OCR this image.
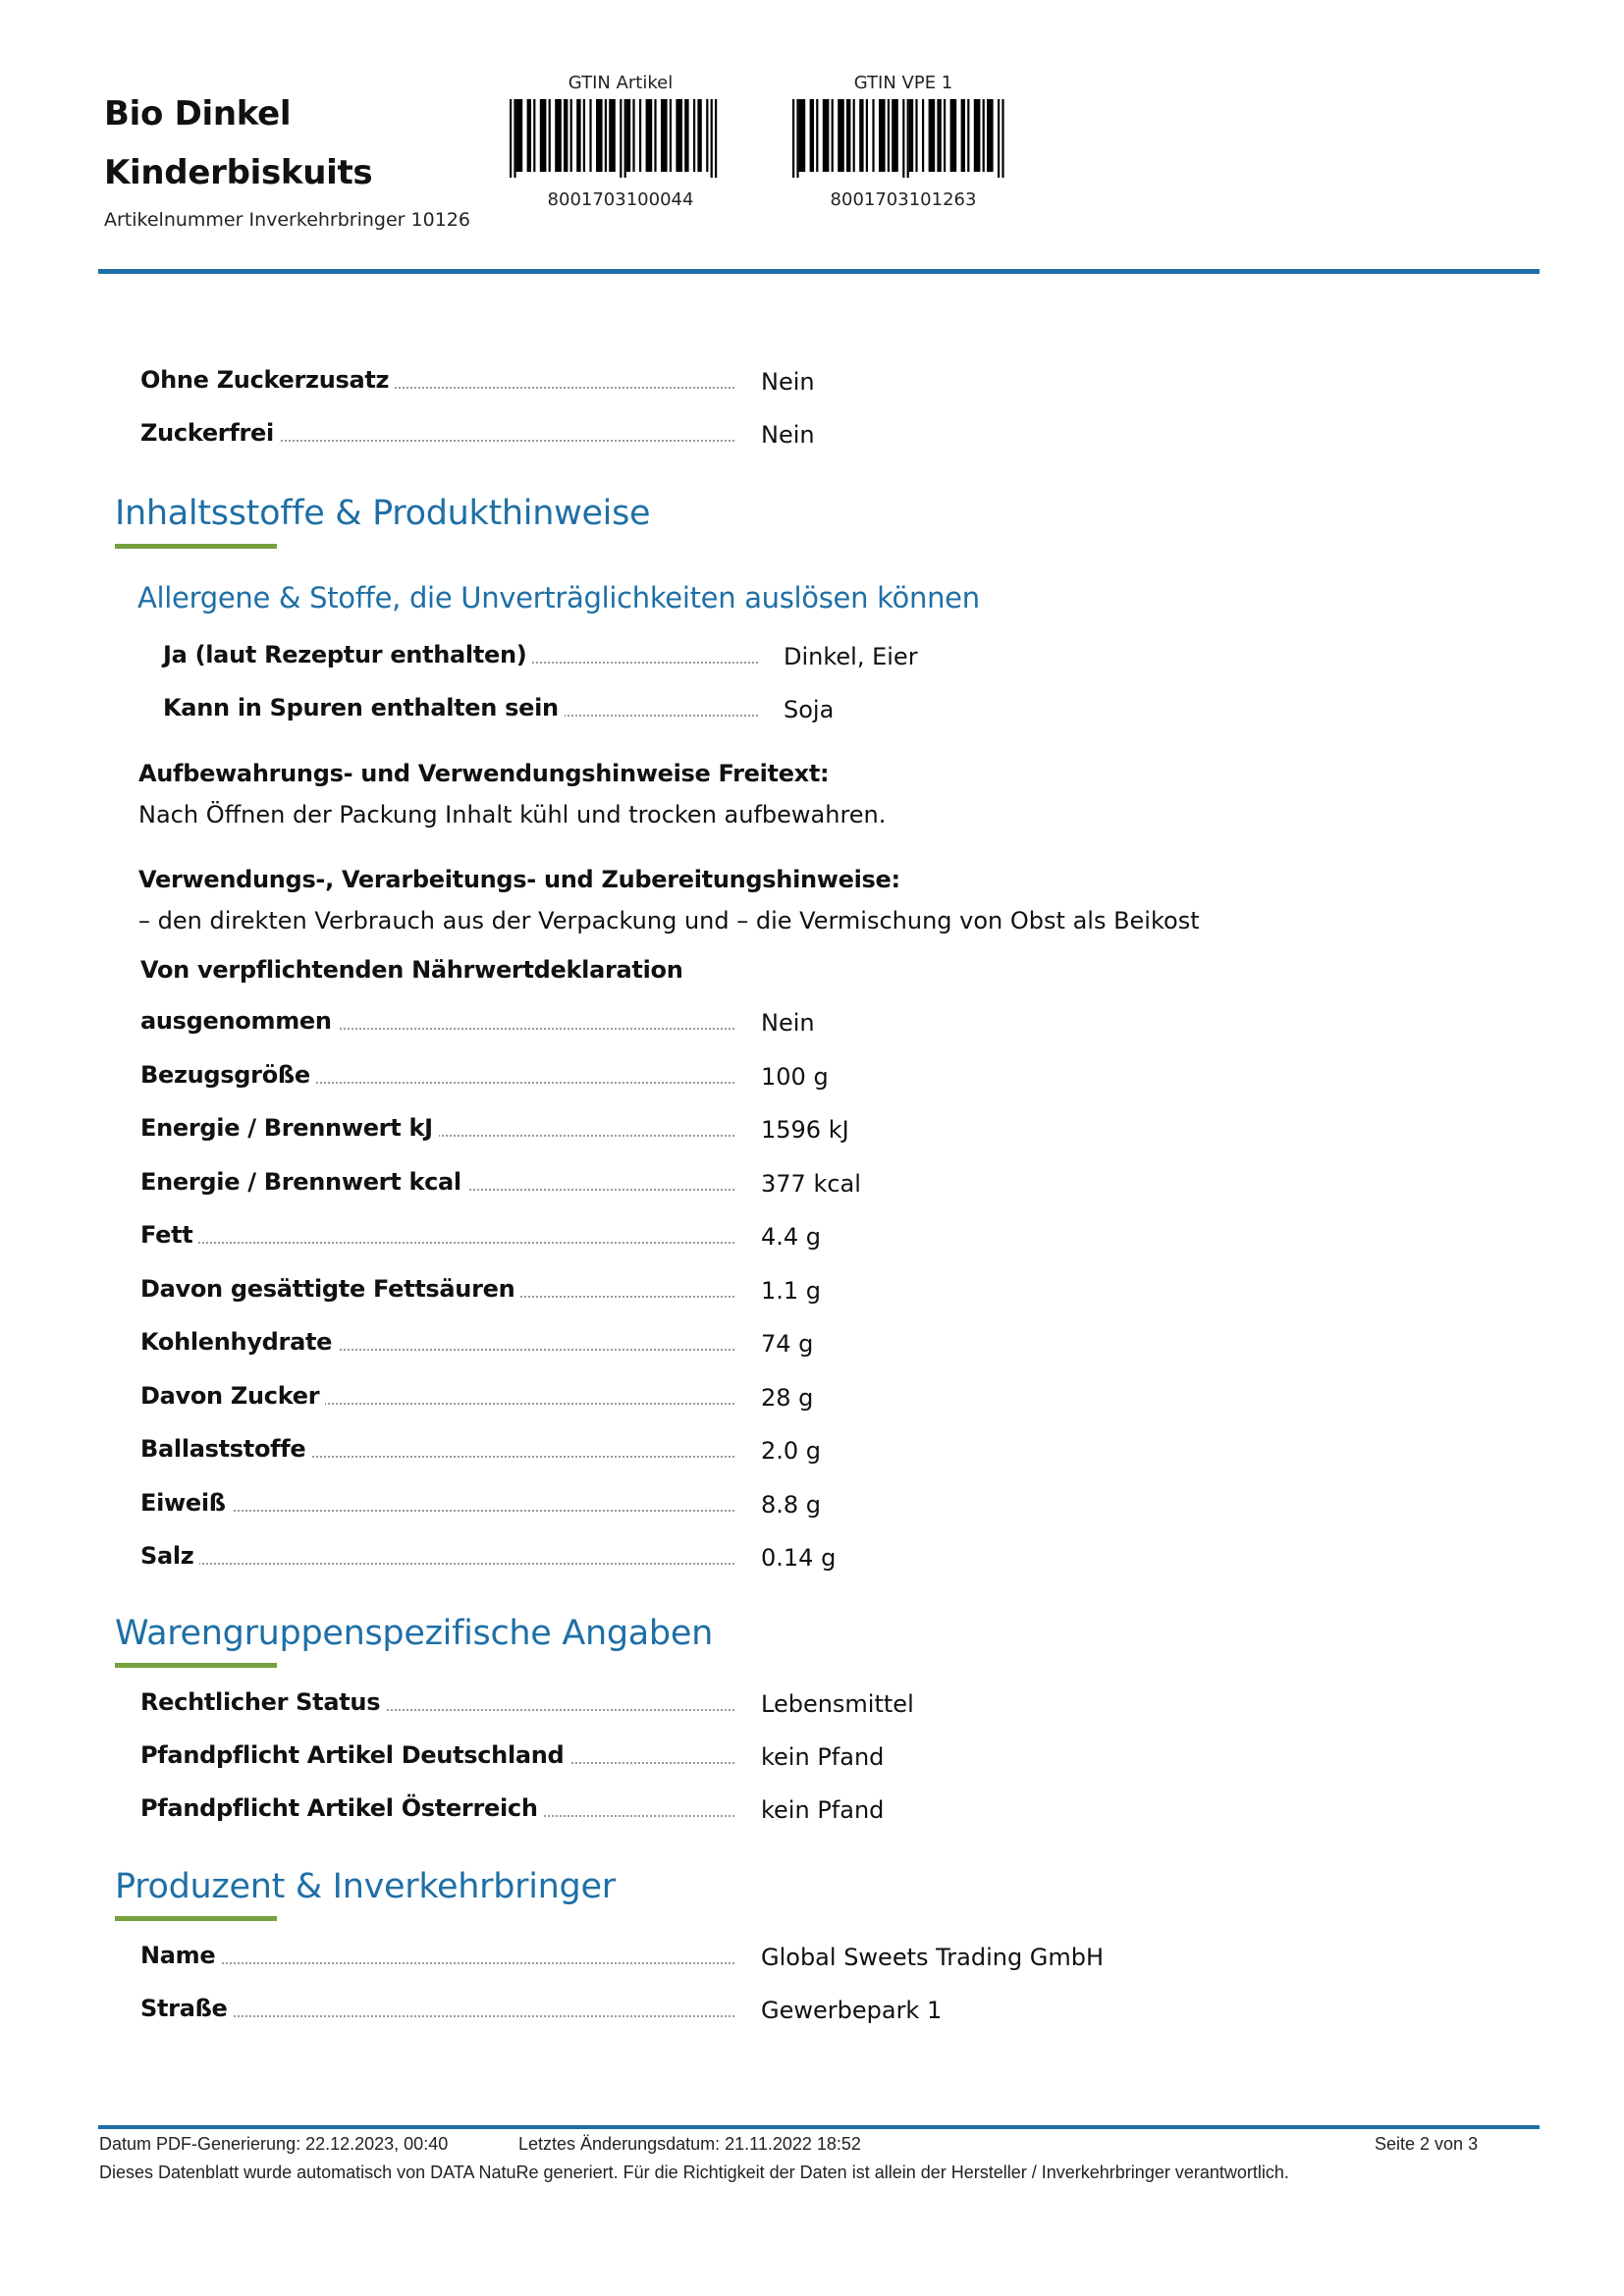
Bio Dinkel
Kinderbiskuits
Artikelnummer Inverkehrbringer 10126
GTIN Artikel
8001703100044
GTIN VPE 1
8001703101263
Ohne Zuckerzusatz	Nein
Zuckerfrei	Nein
Inhaltsstoffe & Produkthinweise
Allergene & Stoffe, die Unverträglichkeiten auslösen können
Ja (laut Rezeptur enthalten)	Dinkel, Eier
Kann in Spuren enthalten sein	Soja
Aufbewahrungs- und Verwendungshinweise Freitext:
Nach Öffnen der Packung Inhalt kühl und trocken aufbewahren.
Verwendungs-, Verarbeitungs- und Zubereitungshinweise:
– den direkten Verbrauch aus der Verpackung und – die Vermischung von Obst als Beikost
Von verpflichtenden Nährwertdeklaration
ausgenommen	Nein
Bezugsgröße	100 g
Energie / Brennwert kJ	1596 kJ
Energie / Brennwert kcal	377 kcal
Fett	4.4 g
Davon gesättigte Fettsäuren	1.1 g
Kohlenhydrate	74 g
Davon Zucker	28 g
Ballaststoffe	2.0 g
Eiweiß	8.8 g
Salz	0.14 g
Warengruppenspezifische Angaben
Rechtlicher Status	Lebensmittel
Pfandpflicht Artikel Deutschland	kein Pfand
Pfandpflicht Artikel Österreich	kein Pfand
Produzent & Inverkehrbringer
Name	Global Sweets Trading GmbH
Straße	Gewerbepark 1
Datum PDF-Generierung: 22.12.2023, 00:40	Letztes Änderungsdatum: 21.11.2022 18:52	Seite 2 von 3
Dieses Datenblatt wurde automatisch von DATA NatuRe generiert. Für die Richtigkeit der Daten ist allein der Hersteller / Inverkehrbringer verantwortlich.
